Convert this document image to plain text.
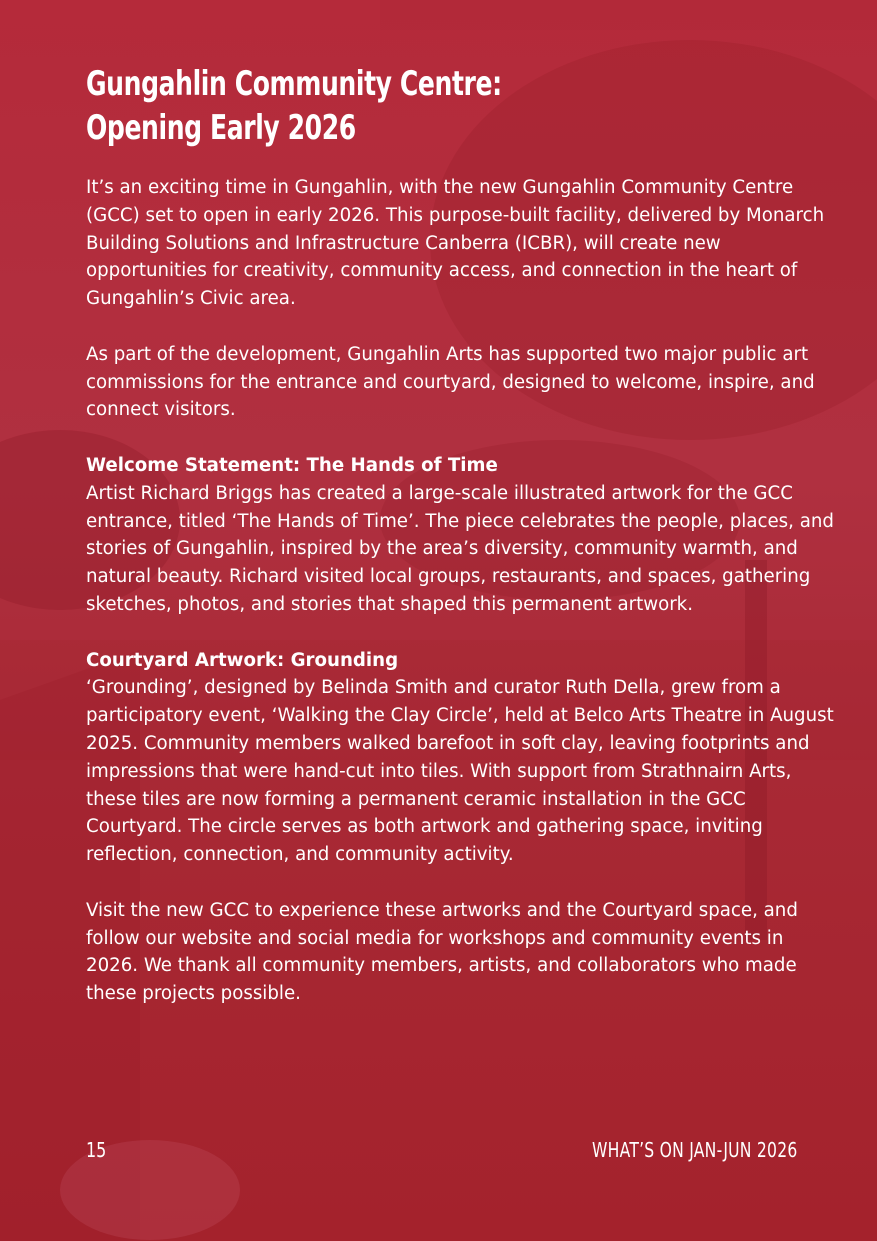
Gungahlin Community Centre:
Opening Early 2026

It’s an exciting time in Gungahlin, with the new Gungahlin Community Centre (GCC) set to open in early 2026. This purpose-built facility, delivered by Monarch Building Solutions and Infrastructure Canberra (ICBR), will create new opportunities for creativity, community access, and connection in the heart of Gungahlin’s Civic area.

As part of the development, Gungahlin Arts has supported two major public art commissions for the entrance and courtyard, designed to welcome, inspire, and connect visitors.

Welcome Statement: The Hands of Time
Artist Richard Briggs has created a large-scale illustrated artwork for the GCC entrance, titled ‘The Hands of Time’. The piece celebrates the people, places, and stories of Gungahlin, inspired by the area’s diversity, community warmth, and natural beauty. Richard visited local groups, restaurants, and spaces, gathering sketches, photos, and stories that shaped this permanent artwork.

Courtyard Artwork: Grounding
‘Grounding’, designed by Belinda Smith and curator Ruth Della, grew from a participatory event, ‘Walking the Clay Circle’, held at Belco Arts Theatre in August 2025. Community members walked barefoot in soft clay, leaving footprints and impressions that were hand-cut into tiles. With support from Strathnairn Arts, these tiles are now forming a permanent ceramic installation in the GCC Courtyard. The circle serves as both artwork and gathering space, inviting reflection, connection, and community activity.

Visit the new GCC to experience these artworks and the Courtyard space, and follow our website and social media for workshops and community events in 2026. We thank all community members, artists, and collaborators who made these projects possible.

15	WHAT’S ON JAN-JUN 2026
